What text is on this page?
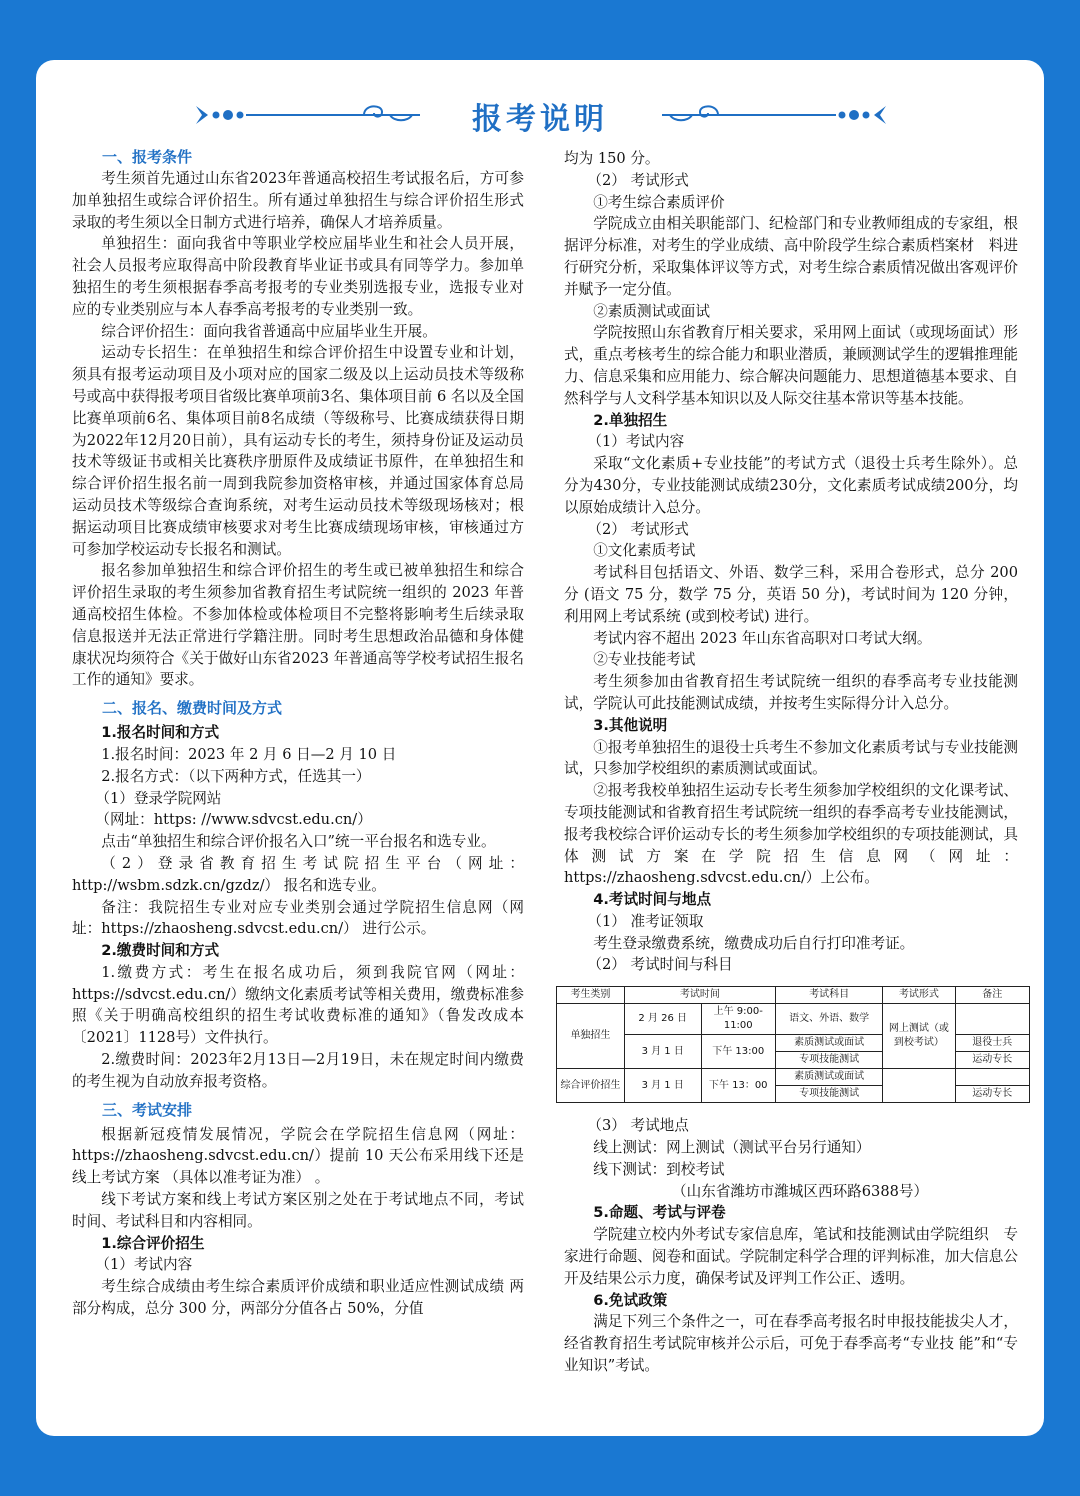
报考说明
一、报考条件

考生须首先通过山东省2023年普通高校招生考试报名后，方可参加单独招生或综合评价招生。所有通过单独招生与综合评价招生形式录取的考生须以全日制方式进行培养，确保人才培养质量。

单独招生：面向我省中等职业学校应届毕业生和社会人员开展，社会人员报考应取得高中阶段教育毕业证书或具有同等学力。参加单独招生的考生须根据春季高考报考的专业类别选报专业，选报专业对应的专业类别应与本人春季高考报考的专业类别一致。

综合评价招生：面向我省普通高中应届毕业生开展。

运动专长招生：在单独招生和综合评价招生中设置专业和计划，须具有报考运动项目及小项对应的国家二级及以上运动员技术等级称号或高中获得报考项目省级比赛单项前3名、集体项目前 6 名以及全国比赛单项前6名、集体项目前8名成绩（等级称号、比赛成绩获得日期为2022年12月20日前），具有运动专长的考生，须持身份证及运动员技术等级证书或相关比赛秩序册原件及成绩证书原件，在单独招生和综合评价招生报名前一周到我院参加资格审核，并通过国家体育总局运动员技术等级综合查询系统，对考生运动员技术等级现场核对；根据运动项目比赛成绩审核要求对考生比赛成绩现场审核，审核通过方可参加学校运动专长报名和测试。

报名参加单独招生和综合评价招生的考生或已被单独招生和综合评价招生录取的考生须参加省教育招生考试院统一组织的 2023 年普通高校招生体检。不参加体检或体检项目不完整将影响考生后续录取信息报送并无法正常进行学籍注册。同时考生思想政治品德和身体健康状况均须符合《关于做好山东省2023 年普通高等学校考试招生报名工作的通知》要求。

二、报名、缴费时间及方式
1.报名时间和方式

1.报名时间：2023 年 2 月 6 日—2 月 10 日

2.报名方式：（以下两种方式，任选其一）

（1）登录学院网站

（网址：https: //www.sdvcst.edu.cn/）

点击“单独招生和综合评价报名入口”统一平台报名和选专业。

（2）登录省教育招生考试院招生平台（网址：http://wsbm.sdzk.cn/gzdz/） 报名和选专业。

备注：我院招生专业对应专业类别会通过学院招生信息网（网址：https://zhaosheng.sdvcst.edu.cn/） 进行公示。

2.缴费时间和方式

1.缴费方式：考生在报名成功后，须到我院官网（网址：https://sdvcst.edu.cn/）缴纳文化素质考试等相关费用，缴费标准参照《关于明确高校组织的招生考试收费标准的通知》（鲁发改成本〔2021〕1128号）文件执行。

2.缴费时间：2023年2月13日—2月19日，未在规定时间内缴费的考生视为自动放弃报考资格。

三、考试安排

根据新冠疫情发展情况，学院会在学院招生信息网（网址：https://zhaosheng.sdvcst.edu.cn/）提前 10 天公布采用线下还是 线上考试方案 （具体以准考证为准） 。

线下考试方案和线上考试方案区别之处在于考试地点不同，考试时间、考试科目和内容相同。

1.综合评价招生

（1）考试内容

考生综合成绩由考生综合素质评价成绩和职业适应性测试成绩 两部分构成，总分 300 分，两部分分值各占 50%，分值

均为 150 分。

（2） 考试形式

①考生综合素质评价

学院成立由相关职能部门、纪检部门和专业教师组成的专家组，根据评分标准，对考生的学业成绩、高中阶段学生综合素质档案材　料进行研究分析，采取集体评议等方式，对考生综合素质情况做出客观评价并赋予一定分值。

②素质测试或面试

学院按照山东省教育厅相关要求，采用网上面试（或现场面试）形式，重点考核考生的综合能力和职业潜质，兼顾测试学生的逻辑推理能力、信息采集和应用能力、综合解决问题能力、思想道德基本要求、自然科学与人文科学基本知识以及人际交往基本常识等基本技能。

2.单独招生

（1）考试内容

采取“文化素质+专业技能”的考试方式（退役士兵考生除外）。总分为430分，专业技能测试成绩230分，文化素质考试成绩200分，均以原始成绩计入总分。

（2） 考试形式

①文化素质考试

考试科目包括语文、外语、数学三科，采用合卷形式，总分 200 分 (语文 75 分，数学 75 分，英语 50 分)，考试时间为 120 分钟， 利用网上考试系统 (或到校考试) 进行。

考试内容不超出 2023 年山东省高职对口考试大纲。

②专业技能考试

考生须参加由省教育招生考试院统一组织的春季高考专业技能测试，学院认可此技能测试成绩，并按考生实际得分计入总分。

3.其他说明

①报考单独招生的退役士兵考生不参加文化素质考试与专业技能测试，只参加学校组织的素质测试或面试。

②报考我校单独招生运动专长考生须参加学校组织的文化课考试、专项技能测试和省教育招生考试院统一组织的春季高考专业技能测试，报考我校综合评价运动专长的考生须参加学校组织的专项技能测试，具体测试方案在学院招生信息网（网址：https://zhaosheng.sdvcst.edu.cn/）上公布。

4.考试时间与地点

（1） 准考证领取

考生登录缴费系统，缴费成功后自行打印准考证。

（2） 考试时间与科目

考生类别	考试时间		考试科目	考试形式	备注
单独招生	2 月 26 日	上午 9:00-11:00	语文、外语、数学	网上测试（或到校考试）	
	3 月 1 日	下午 13:00	素质测试或面试		退役士兵
			专项技能测试		运动专长
综合评价招生	3 月 1 日	下午 13：00	素质测试或面试		
			专项技能测试		运动专长

（3） 考试地点

线上测试：网上测试（测试平台另行通知）

线下测试：到校考试

（山东省潍坊市潍城区西环路6388号）

5.命题、考试与评卷

学院建立校内外考试专家信息库，笔试和技能测试由学院组织　专家进行命题、阅卷和面试。学院制定科学合理的评判标准，加大信息公开及结果公示力度，确保考试及评判工作公正、透明。

6.免试政策

满足下列三个条件之一，可在春季高考报名时申报技能拔尖人才，经省教育招生考试院审核并公示后，可免于春季高考“专业技 能”和“专业知识”考试。
